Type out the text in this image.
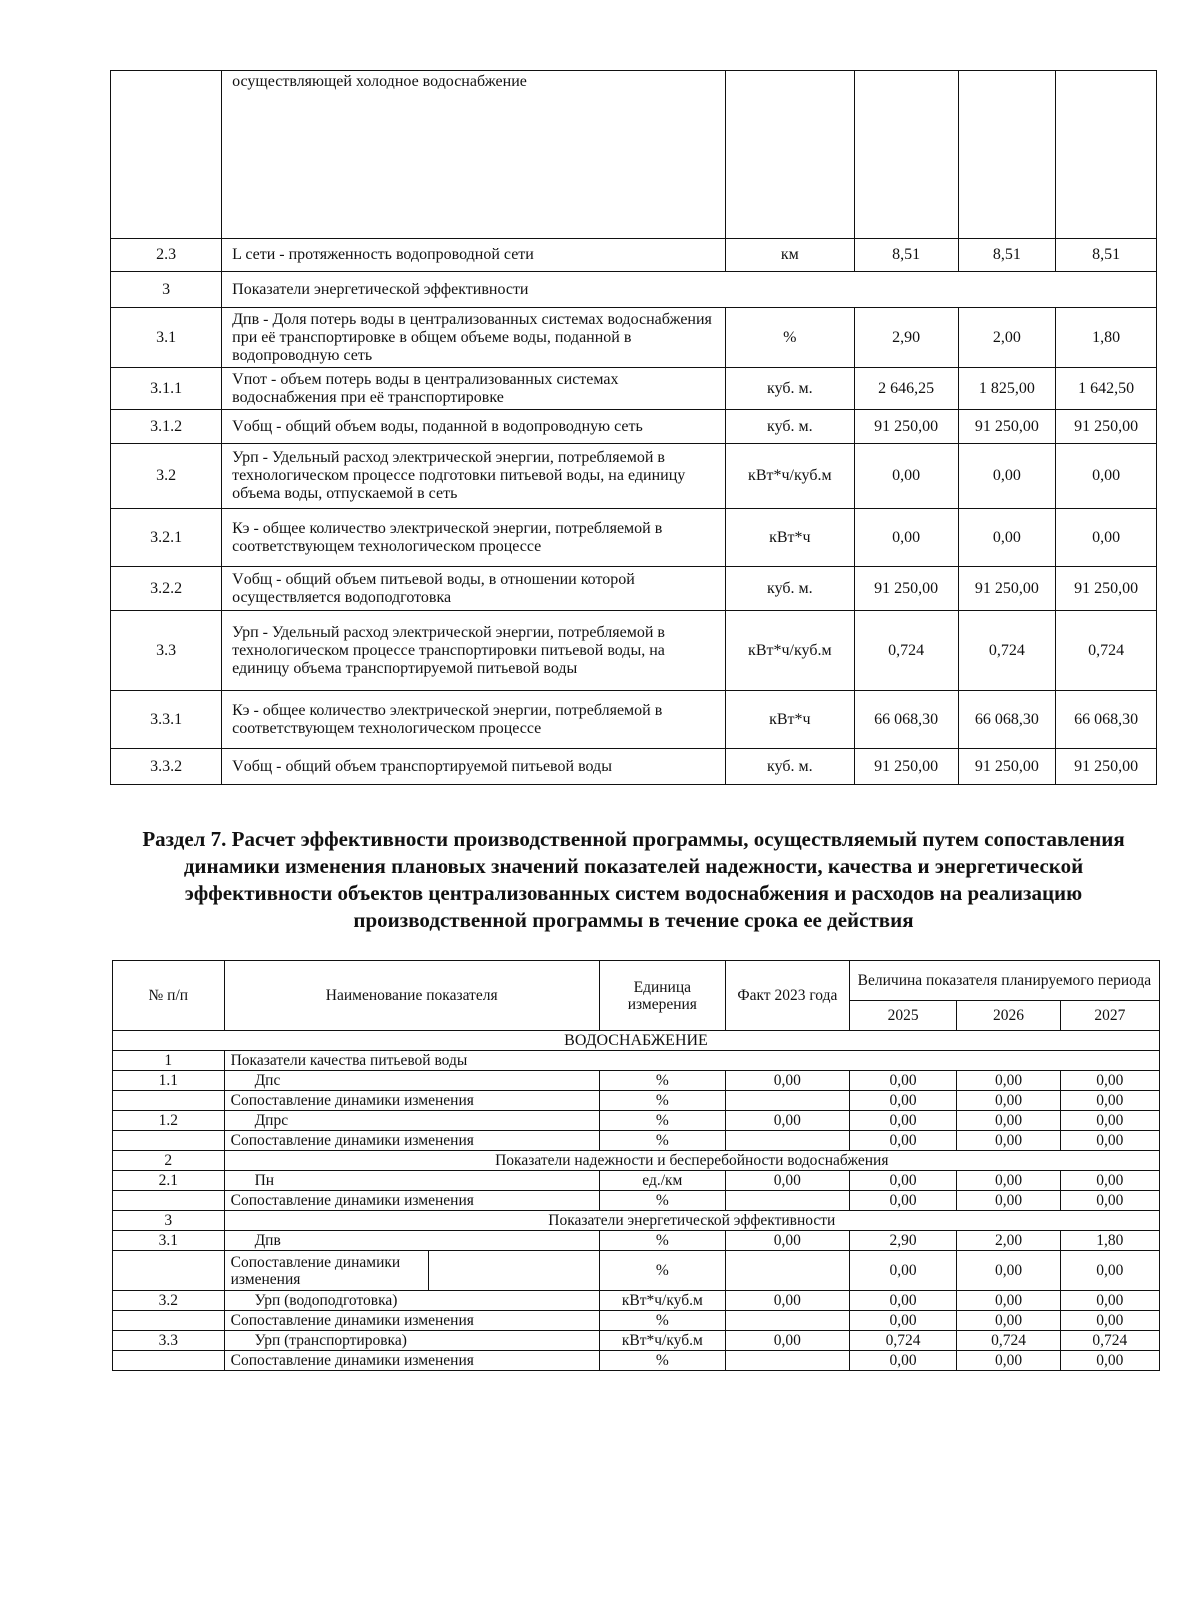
	осуществляющей холодное водоснабжение				
2.3	L сети - протяженность водопроводной сети	км	8,51	8,51	8,51
3	Показатели энергетической эффективности				
3.1	Дпв - Доля потерь воды в централизованных системах водоснабжения при её транспортировке в общем объеме воды, поданной в водопроводную сеть	%	2,90	2,00	1,80
3.1.1	Vпот - объем потерь воды в централизованных системах водоснабжения при её транспортировке	куб. м.	2 646,25	1 825,00	1 642,50
3.1.2	Vобщ - общий объем воды, поданной в водопроводную сеть	куб. м.	91 250,00	91 250,00	91 250,00
3.2	Урп - Удельный расход электрической энергии, потребляемой в технологическом процессе подготовки питьевой воды, на единицу объема воды, отпускаемой в сеть	кВт*ч/куб.м	0,00	0,00	0,00
3.2.1	Кэ - общее количество электрической энергии, потребляемой в соответствующем технологическом процессе	кВт*ч	0,00	0,00	0,00
3.2.2	Vобщ - общий объем питьевой воды, в отношении которой осуществляется водоподготовка	куб. м.	91 250,00	91 250,00	91 250,00
3.3	Урп - Удельный расход электрической энергии, потребляемой в технологическом процессе транспортировки питьевой воды, на единицу объема транспортируемой питьевой воды	кВт*ч/куб.м	0,724	0,724	0,724
3.3.1	Кэ - общее количество электрической энергии, потребляемой в соответствующем технологическом процессе	кВт*ч	66 068,30	66 068,30	66 068,30
3.3.2	Vобщ - общий объем транспортируемой питьевой воды	куб. м.	91 250,00	91 250,00	91 250,00
Раздел 7. Расчет эффективности производственной программы, осуществляемый путем сопоставления динамики изменения плановых значений показателей надежности, качества и энергетической эффективности объектов централизованных систем водоснабжения и расходов на реализацию производственной программы в течение срока ее действия
№ п/п	Наименование показателя		Единица измерения	Факт 2023 года	Величина показателя планируемого периода		
					2025	2026	2027
ВОДОСНАБЖЕНИЕ							
1	Показатели качества питьевой воды						
1.1	Дпс		%	0,00	0,00	0,00	0,00
	Сопоставление динамики изменения		%		0,00	0,00	0,00
1.2	Дпрс		%	0,00	0,00	0,00	0,00
	Сопоставление динамики изменения		%		0,00	0,00	0,00
2	Показатели надежности и бесперебойности водоснабжения						
2.1	Пн		ед./км	0,00	0,00	0,00	0,00
	Сопоставление динамики изменения		%		0,00	0,00	0,00
3	Показатели энергетической эффективности						
3.1	Дпв		%	0,00	2,90	2,00	1,80
	Сопоставление динамики изменения		%		0,00	0,00	0,00
3.2	Урп (водоподготовка)		кВт*ч/куб.м	0,00	0,00	0,00	0,00
	Сопоставление динамики изменения		%		0,00	0,00	0,00
3.3	Урп (транспортировка)		кВт*ч/куб.м	0,00	0,724	0,724	0,724
	Сопоставление динамики изменения		%		0,00	0,00	0,00
